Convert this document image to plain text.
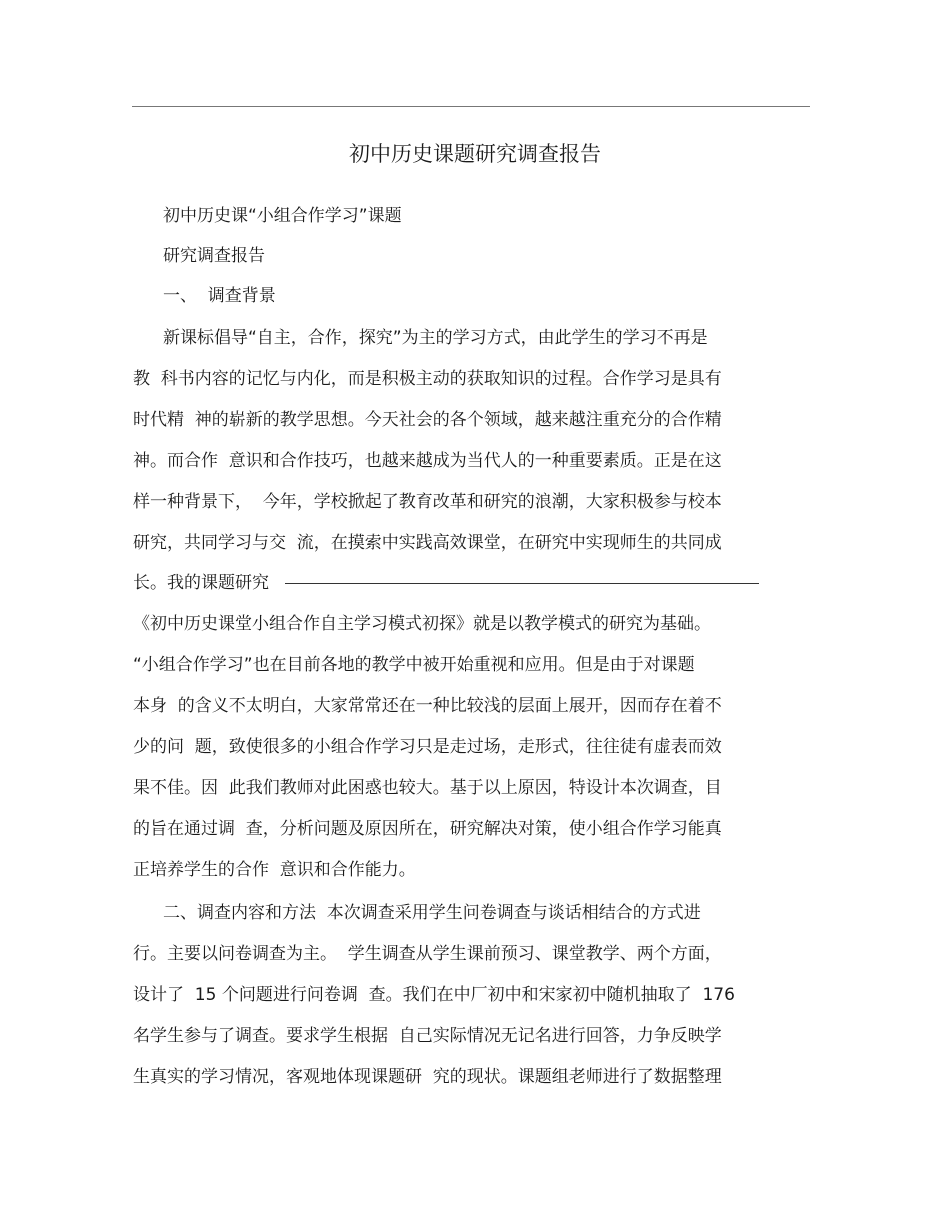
初中历史课题研究调查报告
初中历史课“小组合作学习”课题
研究调查报告
一、  调查背景
新课标倡导“自主，合作，探究”为主的学习方式，由此学生的学习不再是
教  科书内容的记忆与内化，而是积极主动的获取知识的过程。合作学习是具有
时代精  神的崭新的教学思想。今天社会的各个领域，越来越注重充分的合作精
神。而合作  意识和合作技巧，也越来越成为当代人的一种重要素质。正是在这
样一种背景下，  今年，学校掀起了教育改革和研究的浪潮，大家积极参与校本
研究，共同学习与交  流，在摸索中实践高效课堂，在研究中实现师生的共同成
长。我的课题研究
《初中历史课堂小组合作自主学习模式初探》就是以教学模式的研究为基础。
“小组合作学习”也在目前各地的教学中被开始重视和应用。但是由于对课题
本身  的含义不太明白，大家常常还在一种比较浅的层面上展开，因而存在着不
少的问  题，致使很多的小组合作学习只是走过场，走形式，往往徒有虚表而效
果不佳。因  此我们教师对此困惑也较大。基于以上原因，特设计本次调查，目
的旨在通过调  查，分析问题及原因所在，研究解决对策，使小组合作学习能真
正培养学生的合作  意识和合作能力。
二、调查内容和方法  本次调查采用学生问卷调查与谈话相结合的方式进
行。主要以问卷调查为主。  学生调查从学生课前预习、课堂教学、两个方面，
设计了  15 个问题进行问卷调  查。我们在中厂初中和宋家初中随机抽取了  176
名学生参与了调查。要求学生根据  自己实际情况无记名进行回答，力争反映学
生真实的学习情况，客观地体现课题研  究的现状。课题组老师进行了数据整理
